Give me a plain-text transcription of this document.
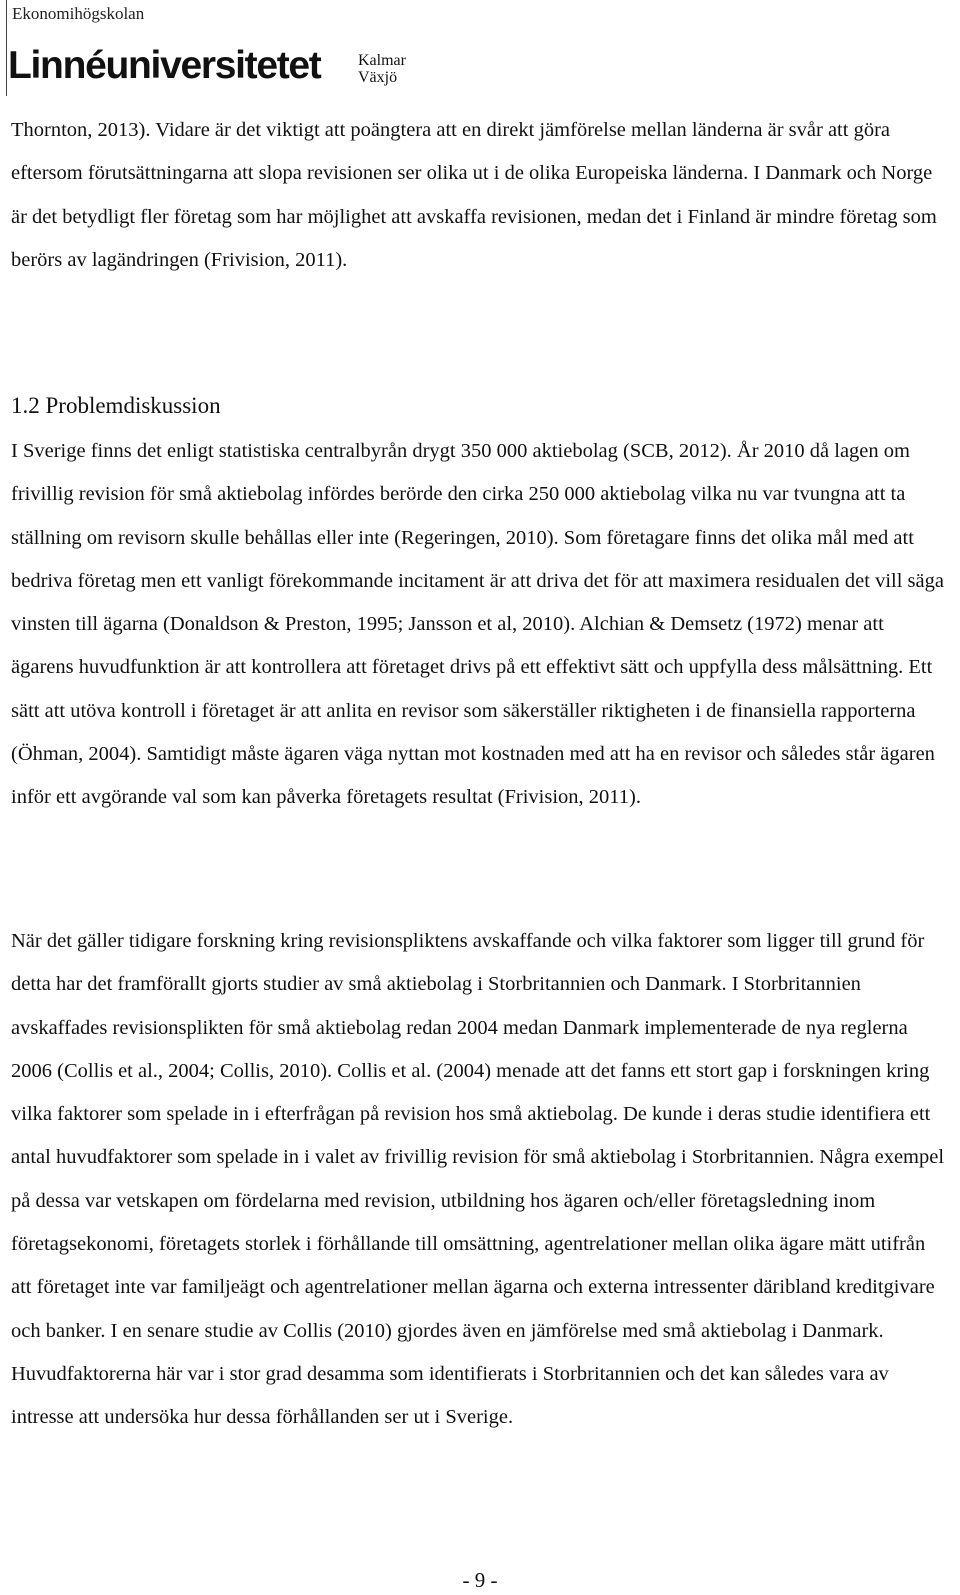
Ekonomihögskolan
Linnéuniversitetet Kalmar
Växjö

Thornton, 2013). Vidare är det viktigt att poängtera att en direkt jämförelse mellan länderna är svår att göra eftersom förutsättningarna att slopa revisionen ser olika ut i de olika Europeiska länderna. I Danmark och Norge är det betydligt fler företag som har möjlighet att avskaffa revisionen, medan det i Finland är mindre företag som berörs av lagändringen (Frivision, 2011).

1.2 Problemdiskussion

I Sverige finns det enligt statistiska centralbyrån drygt 350 000 aktiebolag (SCB, 2012). År 2010 då lagen om frivillig revision för små aktiebolag infördes berörde den cirka 250 000 aktiebolag vilka nu var tvungna att ta ställning om revisorn skulle behållas eller inte (Regeringen, 2010). Som företagare finns det olika mål med att bedriva företag men ett vanligt förekommande incitament är att driva det för att maximera residualen det vill säga vinsten till ägarna (Donaldson & Preston, 1995; Jansson et al, 2010). Alchian & Demsetz (1972) menar att ägarens huvudfunktion är att kontrollera att företaget drivs på ett effektivt sätt och uppfylla dess målsättning. Ett sätt att utöva kontroll i företaget är att anlita en revisor som säkerställer riktigheten i de finansiella rapporterna (Öhman, 2004). Samtidigt måste ägaren väga nyttan mot kostnaden med att ha en revisor och således står ägaren inför ett avgörande val som kan påverka företagets resultat (Frivision, 2011).

När det gäller tidigare forskning kring revisionspliktens avskaffande och vilka faktorer som ligger till grund för detta har det framförallt gjorts studier av små aktiebolag i Storbritannien och Danmark. I Storbritannien avskaffades revisionsplikten för små aktiebolag redan 2004 medan Danmark implementerade de nya reglerna 2006 (Collis et al., 2004; Collis, 2010). Collis et al. (2004) menade att det fanns ett stort gap i forskningen kring vilka faktorer som spelade in i efterfrågan på revision hos små aktiebolag. De kunde i deras studie identifiera ett antal huvudfaktorer som spelade in i valet av frivillig revision för små aktiebolag i Storbritannien. Några exempel på dessa var vetskapen om fördelarna med revision, utbildning hos ägaren och/eller företagsledning inom företagsekonomi, företagets storlek i förhållande till omsättning, agentrelationer mellan olika ägare mätt utifrån att företaget inte var familjeägt och agentrelationer mellan ägarna och externa intressenter däribland kreditgivare och banker. I en senare studie av Collis (2010) gjordes även en jämförelse med små aktiebolag i Danmark. Huvudfaktorerna här var i stor grad desamma som identifierats i Storbritannien och det kan således vara av intresse att undersöka hur dessa förhållanden ser ut i Sverige.

- 9 -
